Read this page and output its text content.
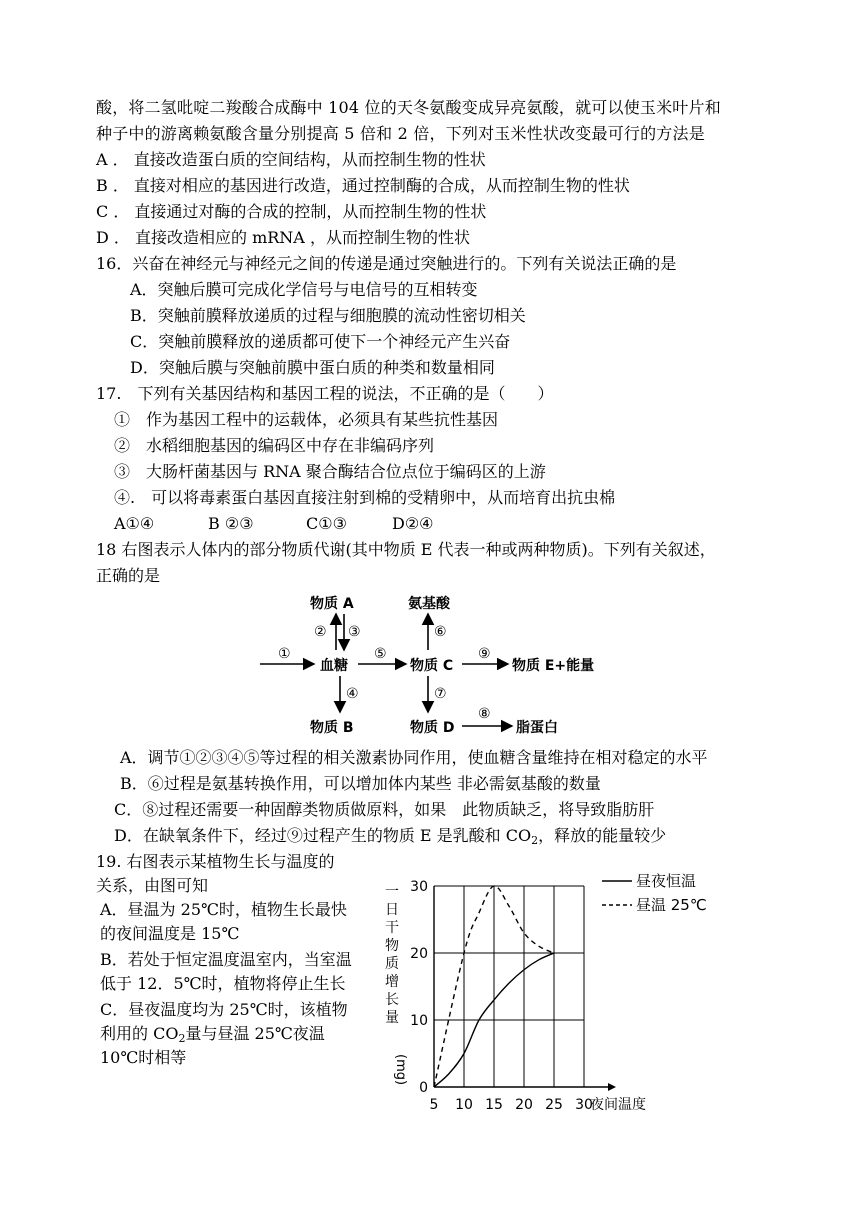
酸，将二氢吡啶二羧酸合成酶中 104 位的天冬氨酸变成异亮氨酸，就可以使玉米叶片和
种子中的游离赖氨酸含量分别提高 5 倍和 2 倍，下列对玉米性状改变最可行的方法是
A ． 直接改造蛋白质的空间结构，从而控制生物的性状
B ． 直接对相应的基因进行改造，通过控制酶的合成，从而控制生物的性状
C ． 直接通过对酶的合成的控制，从而控制生物的性状
D ． 直接改造相应的 mRNA ，从而控制生物的性状
16．兴奋在神经元与神经元之间的传递是通过突触进行的。下列有关说法正确的是
A．突触后膜可完成化学信号与电信号的互相转变
B．突触前膜释放递质的过程与细胞膜的流动性密切相关
C．突触前膜释放的递质都可使下一个神经元产生兴奋
D．突触后膜与突触前膜中蛋白质的种类和数量相同
17.　下列有关基因结构和基因工程的说法，不正确的是（　　）
①　作为基因工程中的运载体，必须具有某些抗性基因
②　水稻细胞基因的编码区中存在非编码序列
③　大肠杆菌基因与 RNA 聚合酶结合位点位于编码区的上游
④.　可以将毒素蛋白基因直接注射到棉的受精卵中，从而培育出抗虫棉
A①④	B ②③	C①③	D②④
18 右图表示人体内的部分物质代谢(其中物质 E 代表一种或两种物质)。下列有关叙述，
正确的是
物质 A	氨基酸
血糖	物质 C	物质 E+能量
物质 B	物质 D	脂蛋白
①
② ③
④
⑤
⑥
⑦
⑧
⑨
A．调节①②③④⑤等过程的相关激素协同作用，使血糖含量维持在相对稳定的水平
B．⑥过程是氨基转换作用，可以增加体内某些 非必需氨基酸的数量
C．⑧过程还需要一种固醇类物质做原料，如果　此物质缺乏，将导致脂肪肝
D．在缺氧条件下，经过⑨过程产生的物质 E 是乳酸和 $CO_2$，释放的能量较少
19. 右图表示某植物生长与温度的
关系，由图可知
A．昼温为 25℃时，植物生长最快的夜间温度是 15℃
B．若处于恒定温度温室内，当室温低于 12．5℃时，植物将停止生长
C．昼夜温度均为 25℃时，该植物利用的 $CO_2$量与昼温 25℃夜温 10℃时相等
一
日
干
物
质
增
长
量
(mg)
5 10 15 20 25 30
夜间温度
0
10
20
30	昼夜恒温
昼温 25℃
